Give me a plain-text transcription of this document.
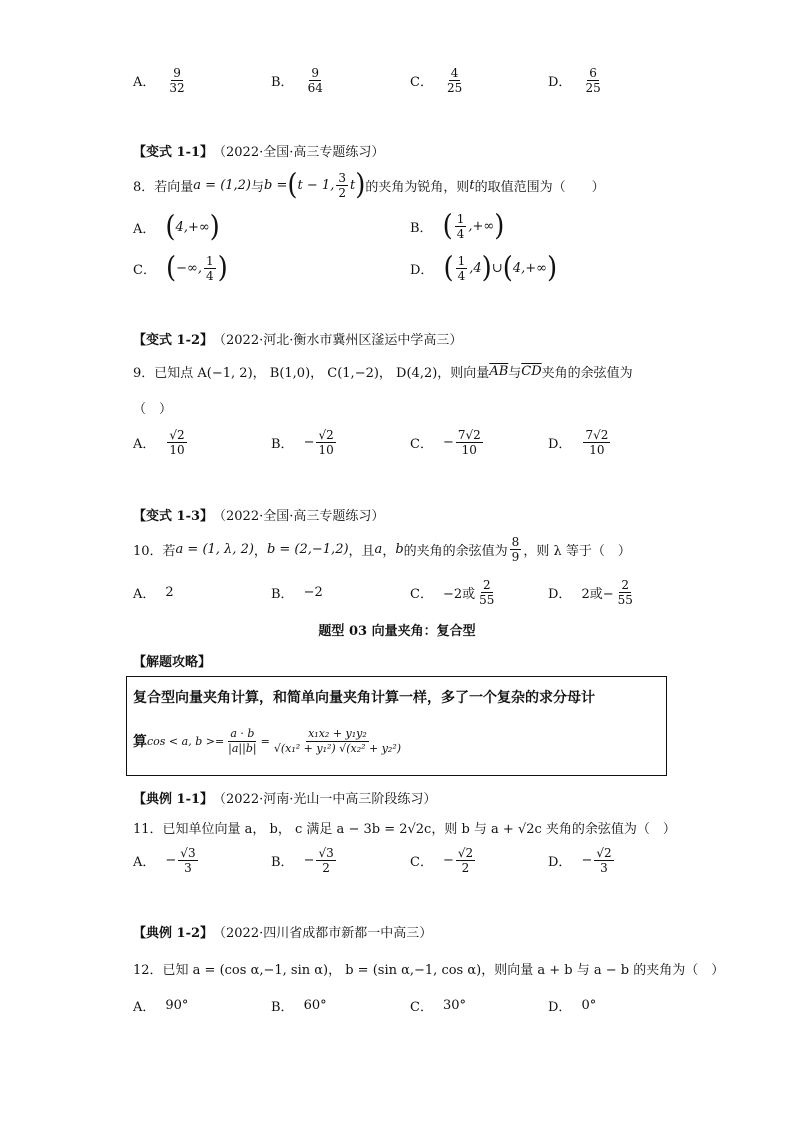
A． $\frac{9}{32}$	B． $\frac{9}{64}$	C． $\frac{4}{25}$	D． $\frac{6}{25}$
【变式 1-1】 （2022·全国·高三专题练习）
8．若向量 a = (1,2) 与 b = ( t − 1, $\frac{3}{2}$ t ) 的夹角为锐角，则 t 的取值范围为（　　）
A． ( 4,+∞ )	B． ( $\frac{1}{4}$ ,+∞ )
C． ( −∞, $\frac{1}{4}$ )	D． ( $\frac{1}{4} ,4$ ) ∪ ( 4,+∞ )
【变式 1-2】 （2022·河北·衡水市冀州区滏运中学高三）
9．已知点 A(−1, 2)， B(1,0)， C(1,−2)， D(4,2)，则向量 $\overline{AB}$ 与 $\overline{CD}$ 夹角的余弦值为
（　）
A． $\frac{√2}{10}$	B． − $\frac{√2}{10}$	C． − $\frac{7√2}{10}$	D． $\frac{7√2}{10}$
【变式 1-3】 （2022·全国·高三专题练习）
10．若 a = (1, λ, 2) ， b = (2,−1,2) ，且 a ， b 的夹角的余弦值为 $\frac{8}{9}$ ，则 λ 等于（　）
A． 2	B． −2	C． −2或 $\frac{2}{55}$	D． 2或− $\frac{2}{55}$
题型 03 向量夹角：复合型
【解题攻略】
复合型向量夹角计算，和简单向量夹角计算一样，多了一个复杂的求分母计
算 cos < a, $b >= \frac{a \cdot b}{|a||b|} = \frac{\text{x₁x₂ + y₁y₂}}{\text{√(x₁² + y₁²) √(x₂² + y₂²)}}$
【典例 1-1】 （2022·河南·光山一中高三阶段练习）
11．已知单位向量 a， b， c 满足 a − 3b = 2√2c，则 b 与 a + √2c 夹角的余弦值为（　）
A． − $\frac{√3}{3}$	B． − $\frac{√3}{2}$	C． − $\frac{√2}{2}$	D． − $\frac{√2}{3}$
【典例 1-2】 （2022·四川省成都市新都一中高三）
12．已知 a = (cos α,−1, sin α)， b = (sin α,−1, cos α)，则向量 a + b 与 a − b 的夹角为（　）
A． 90°	B． 60°	C． 30°	D． 0°
